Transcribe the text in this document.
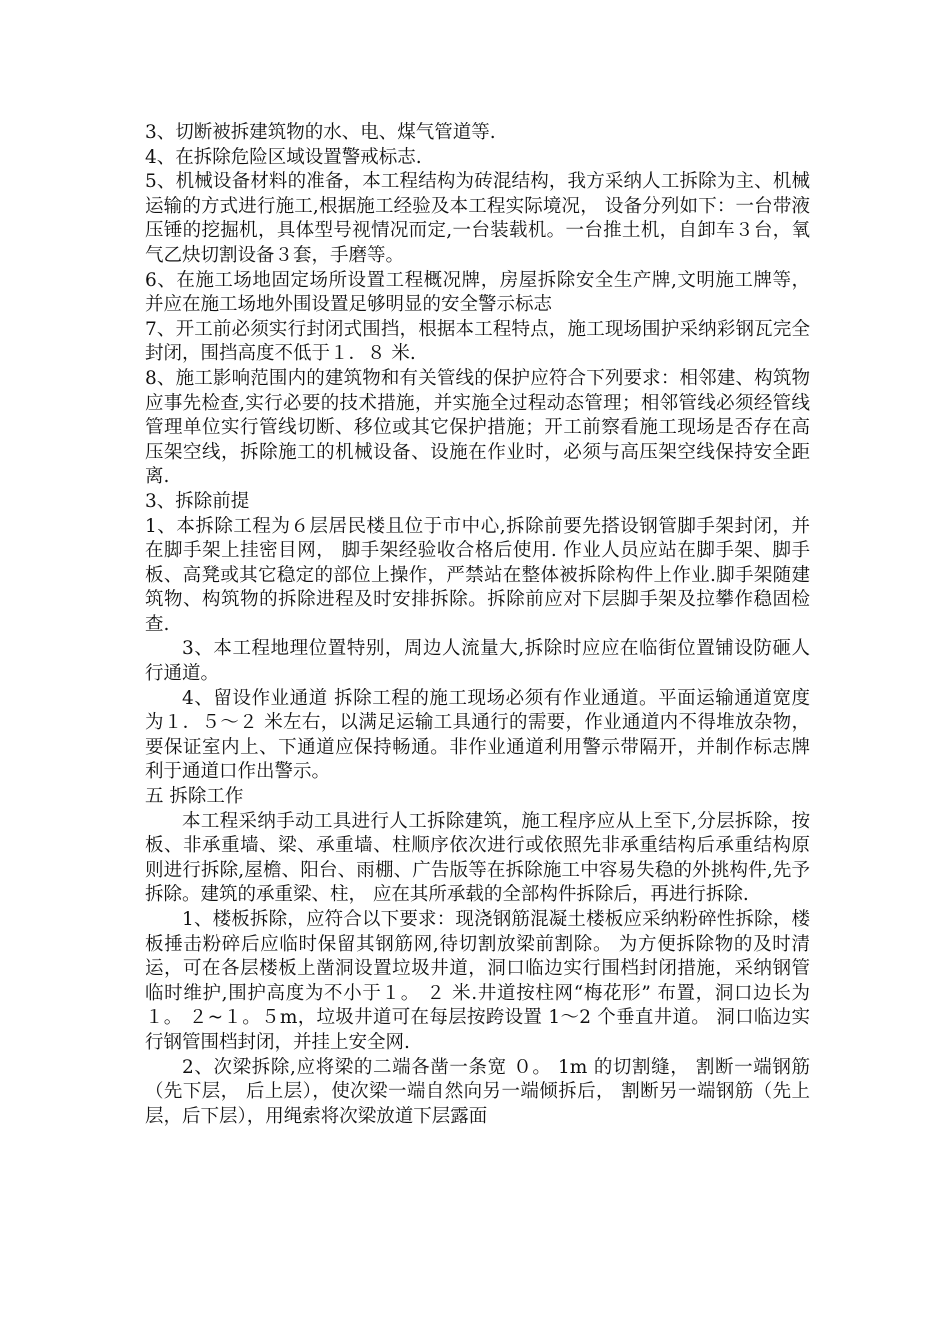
3、切断被拆建筑物的水、电、煤气管道等.

4、在拆除危险区域设置警戒标志.

5、机械设备材料的准备，本工程结构为砖混结构，我方采纳人工拆除为主、机械运输的方式进行施工,根据施工经验及本工程实际境况， 设备分列如下：一台带液压锤的挖掘机，具体型号视情况而定,一台装载机。一台推土机，自卸车３台，氧气乙炔切割设备３套，手磨等。

6、在施工场地固定场所设置工程概况牌，房屋拆除安全生产牌,文明施工牌等，并应在施工场地外围设置足够明显的安全警示标志

7、开工前必须实行封闭式围挡，根据本工程特点，施工现场围护采纳彩钢瓦完全封闭，围挡高度不低于１．８ 米.

8、施工影响范围内的建筑物和有关管线的保护应符合下列要求：相邻建、构筑物应事先检查,实行必要的技术措施，并实施全过程动态管理；相邻管线必须经管线管理单位实行管线切断、移位或其它保护措施；开工前察看施工现场是否存在高压架空线，拆除施工的机械设备、设施在作业时，必须与高压架空线保持安全距离.

3、拆除前提

1、本拆除工程为６层居民楼且位于市中心,拆除前要先搭设钢管脚手架封闭，并在脚手架上挂密目网， 脚手架经验收合格后使用. 作业人员应站在脚手架、脚手板、高凳或其它稳定的部位上操作，严禁站在整体被拆除构件上作业.脚手架随建筑物、构筑物的拆除进程及时安排拆除。拆除前应对下层脚手架及拉攀作稳固检查.

3、本工程地理位置特别，周边人流量大,拆除时应应在临街位置铺设防砸人行通道。

4、留设作业通道 拆除工程的施工现场必须有作业通道。平面运输通道宽度为１．５～２ 米左右，以满足运输工具通行的需要，作业通道内不得堆放杂物，要保证室内上、下通道应保持畅通。非作业通道利用警示带隔开，并制作标志牌利于通道口作出警示。

五 拆除工作

本工程采纳手动工具进行人工拆除建筑，施工程序应从上至下,分层拆除，按板、非承重墙、梁、承重墙、柱顺序依次进行或依照先非承重结构后承重结构原则进行拆除,屋檐、阳台、雨棚、广告版等在拆除施工中容易失稳的外挑构件,先予拆除。建筑的承重梁、柱， 应在其所承载的全部构件拆除后，再进行拆除.

1、楼板拆除，应符合以下要求：现浇钢筋混凝土楼板应采纳粉碎性拆除，楼板捶击粉碎后应临时保留其钢筋网,待切割放梁前割除。 为方便拆除物的及时清运，可在各层楼板上凿洞设置垃圾井道，洞口临边实行围档封闭措施，采纳钢管临时维护,围护高度为不小于１。 ２ 米.井道按柱网“梅花形” 布置，洞口边长为１。 ２~１。５m，垃圾井道可在每层按跨设置 1～2 个垂直井道。 洞口临边实行钢管围档封闭，并挂上安全网.

2、次梁拆除,应将梁的二端各凿一条宽 ０。 1m 的切割缝， 割断一端钢筋（先下层， 后上层），使次梁一端自然向另一端倾拆后， 割断另一端钢筋（先上层，后下层），用绳索将次梁放道下层露面
